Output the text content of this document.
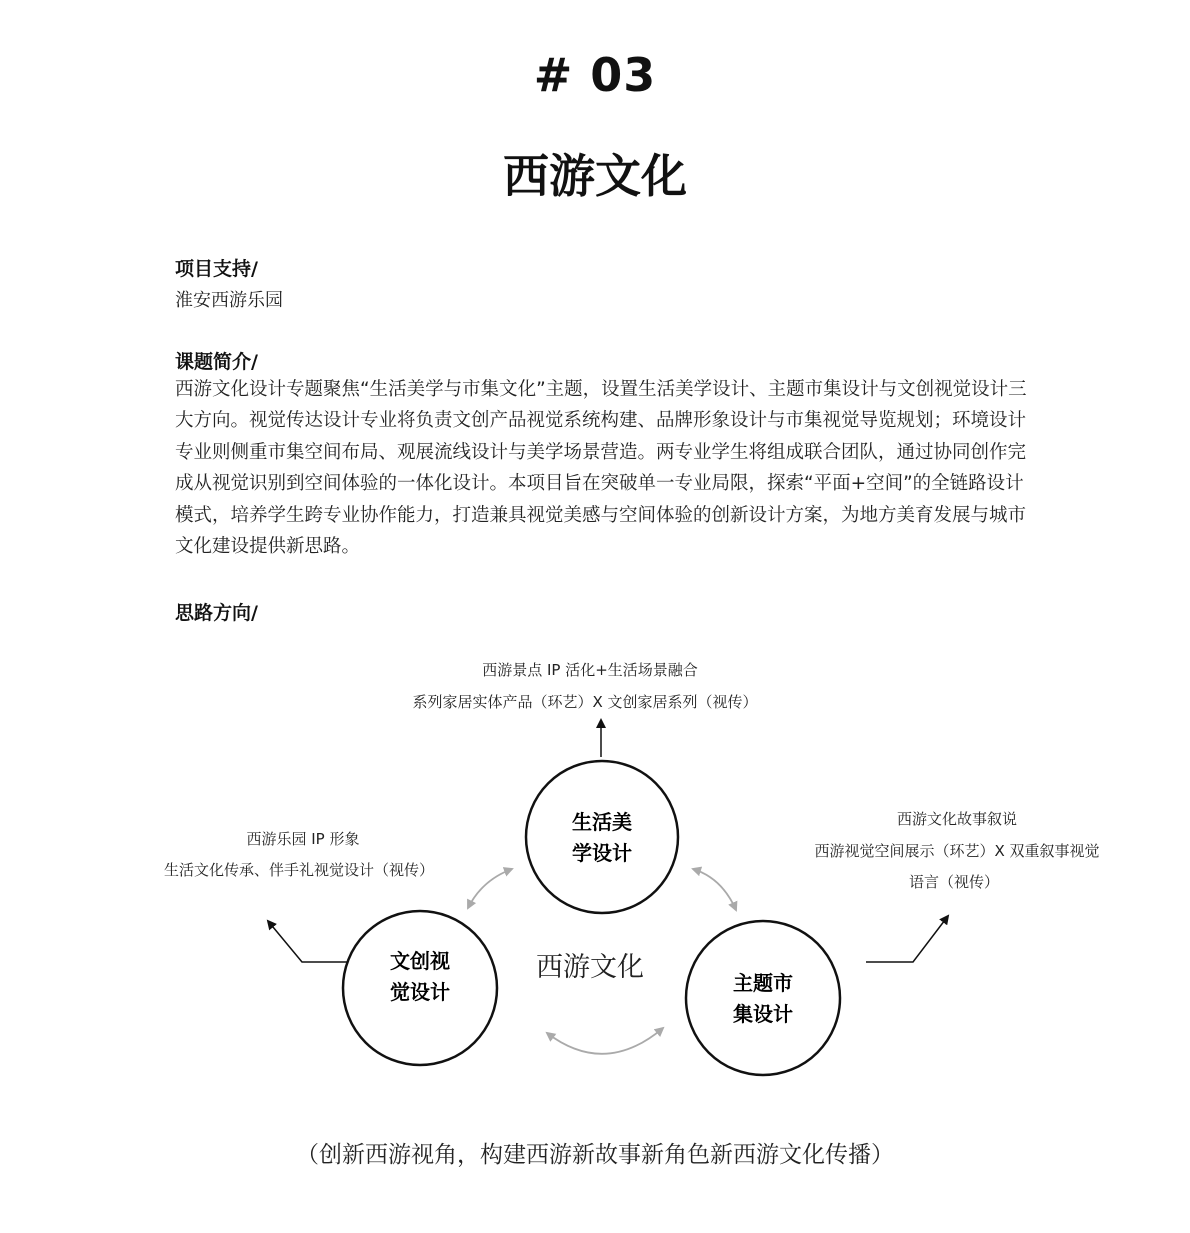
# 03
西游文化
项目支持/
淮安西游乐园
课题简介/

西游文化设计专题聚焦“生活美学与市集文化”主题，设置生活美学设计、主题市集设计与文创视觉设计三大方向。视觉传达设计专业将负责文创产品视觉系统构建、品牌形象设计与市集视觉导览规划；环境设计专业则侧重市集空间布局、观展流线设计与美学场景营造。两专业学生将组成联合团队，通过协同创作完成从视觉识别到空间体验的一体化设计。本项目旨在突破单一专业局限，探索“平面+空间”的全链路设计模式，培养学生跨专业协作能力，打造兼具视觉美感与空间体验的创新设计方案，为地方美育发展与城市文化建设提供新思路。

思路方向/
西游景点 IP 活化+生活场景融合
系列家居实体产品（环艺）X 文创家居系列（视传）
西游乐园 IP 形象
生活文化传承、伴手礼视觉设计（视传）
西游文化故事叙说
西游视觉空间展示（环艺）X 双重叙事视觉
语言（视传）
生活美
学设计
文创视
觉设计	主题市
集设计
西游文化
（创新西游视角，构建西游新故事新角色新西游文化传播）
